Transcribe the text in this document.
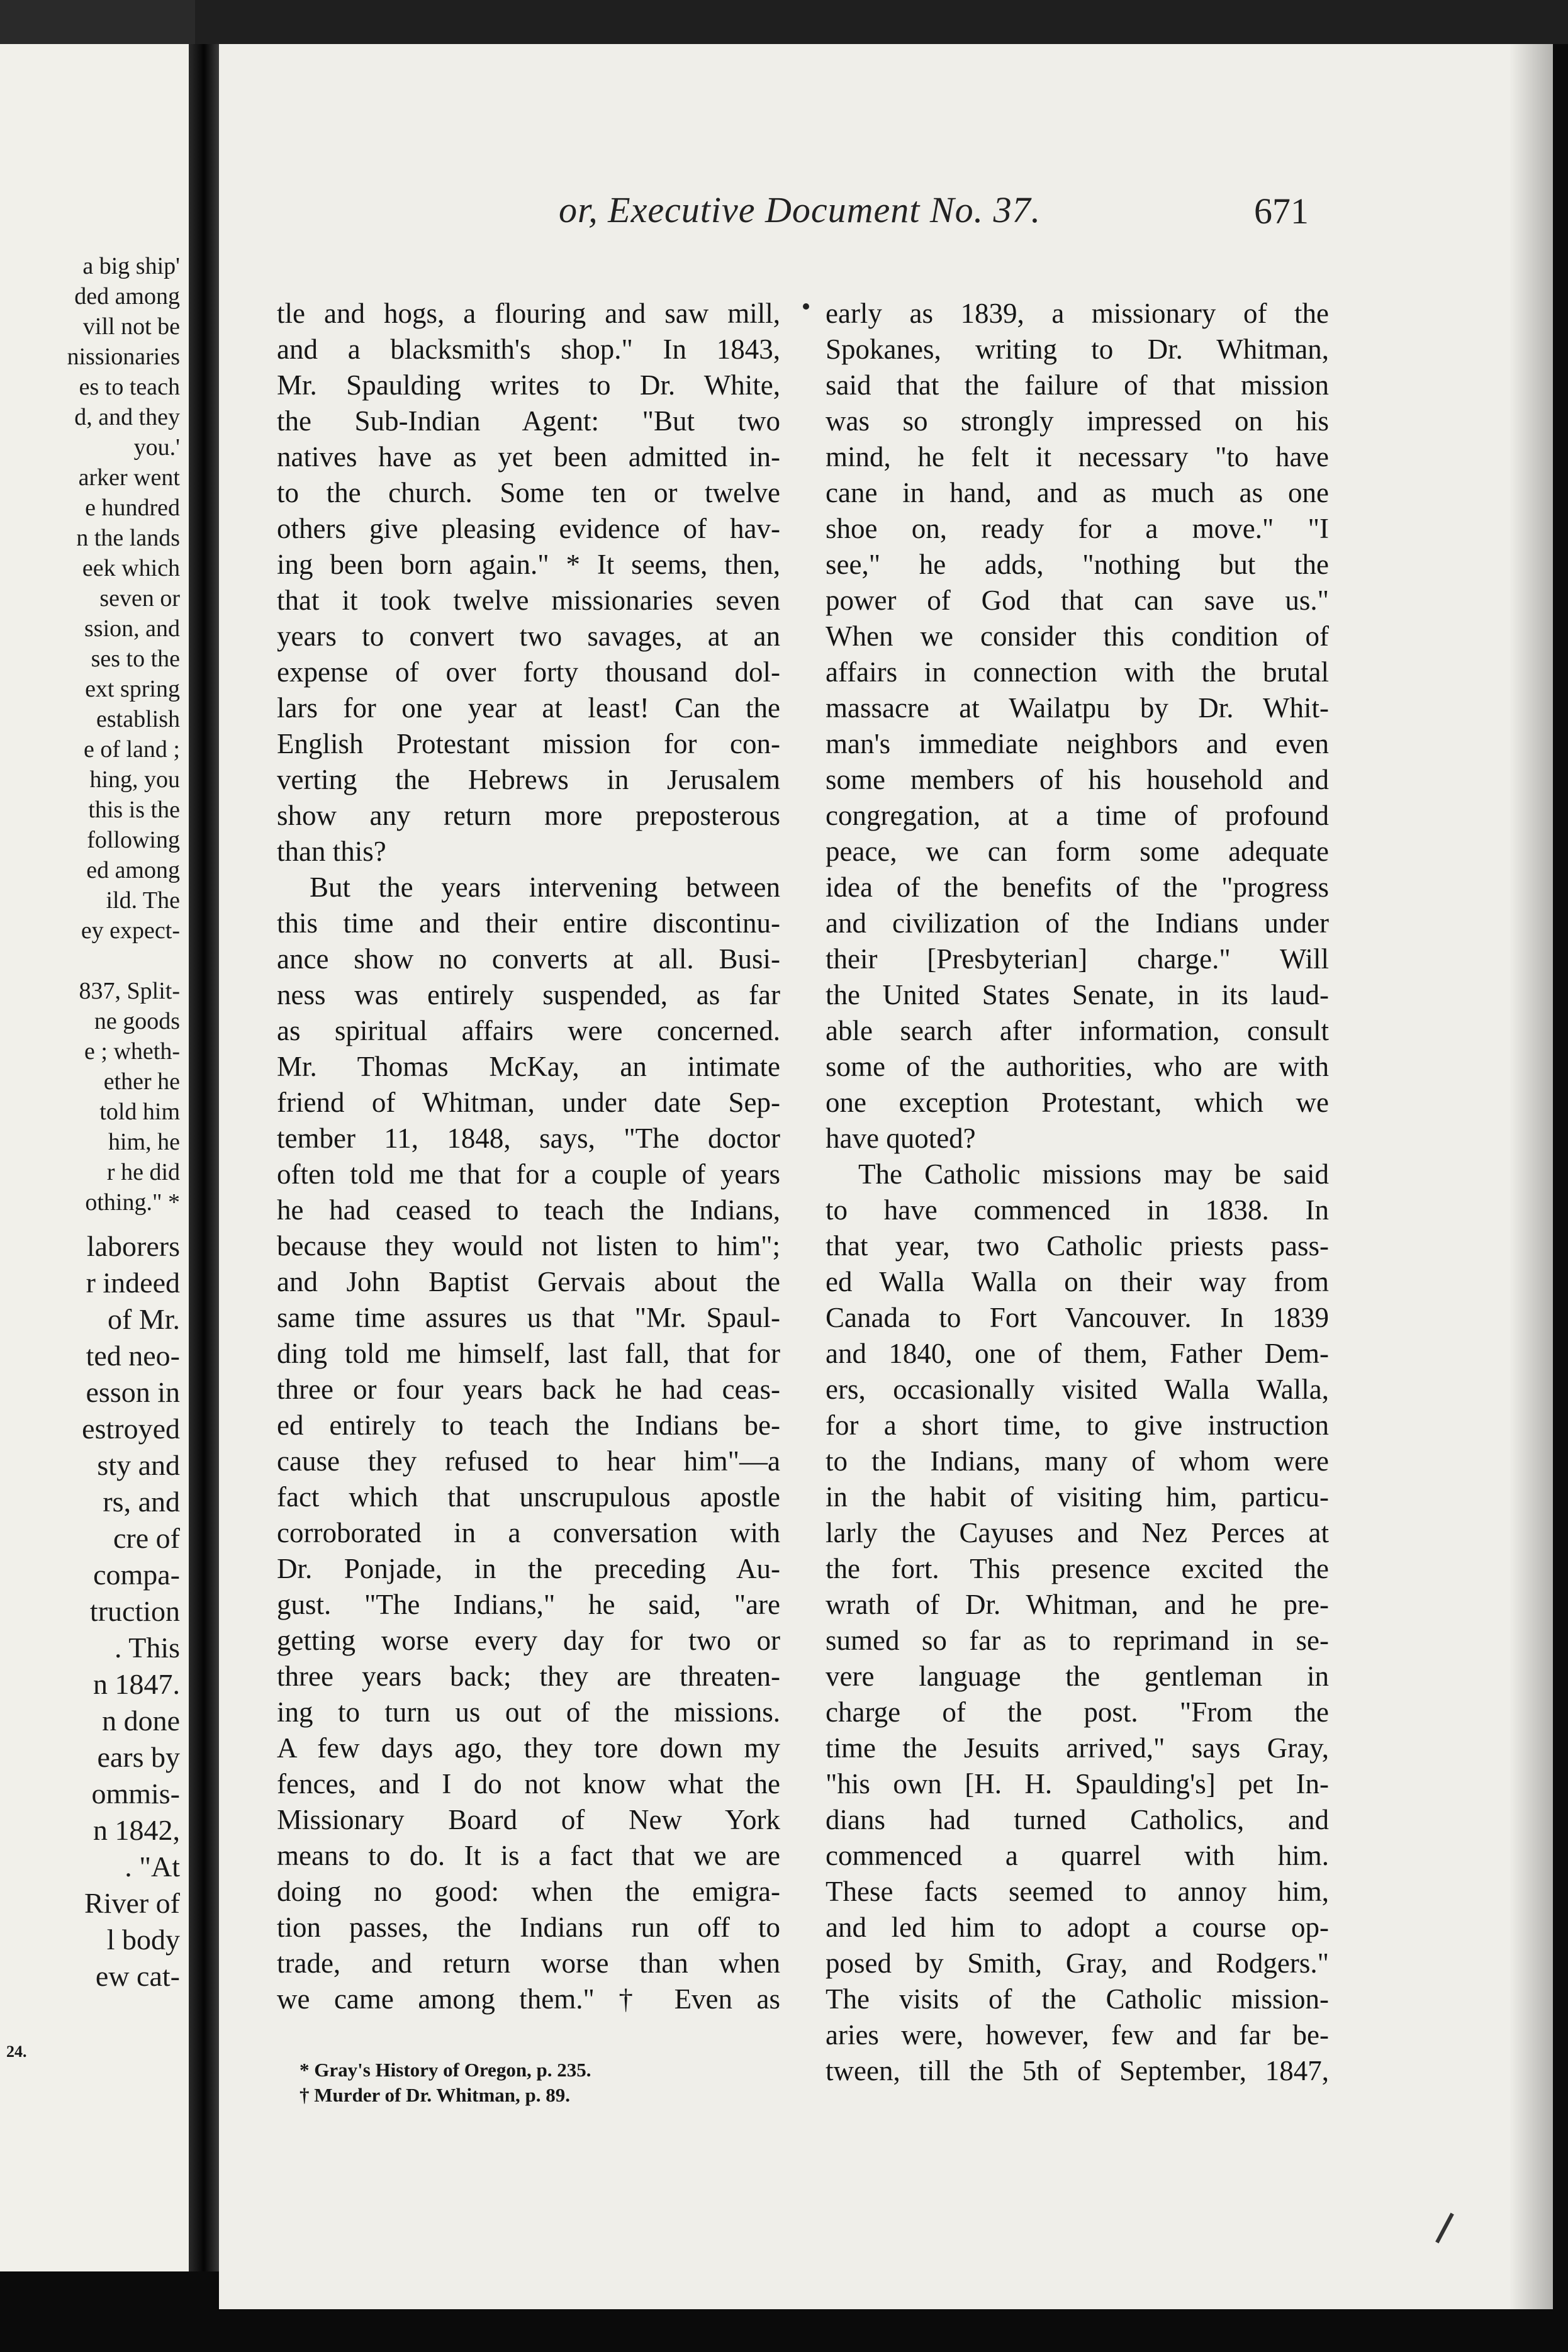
a big ship'
ded among
vill not be
nissionaries
es to teach
d, and they
you.'
arker went
e hundred
n the lands
eek which
seven or
ssion, and
ses to the
ext spring
establish
e of land ;
hing, you
this is the
following
ed among
ild. The
ey expect-
837, Split-
ne goods
e ; wheth-
ether he
told him
him, he
r he did
othing." *
laborers
r indeed
of Mr.
ted neo-
esson in
estroyed
sty and
rs, and
cre of
compa-
truction
. This
n 1847.
n done
ears by
ommis-
n 1842,
. "At
River of
l body
ew cat-
24.
or, Executive Document No. 37.	671
tle and hogs, a flouring and saw mill,
and a blacksmith's shop." In 1843,
Mr. Spaulding writes to Dr. White,
the Sub-Indian Agent: "But two
natives have as yet been admitted in-
to the church. Some ten or twelve
others give pleasing evidence of hav-
ing been born again." * It seems, then,
that it took twelve missionaries seven
years to convert two savages, at an
expense of over forty thousand dol-
lars for one year at least! Can the
English Protestant mission for con-
verting the Hebrews in Jerusalem
show any return more preposterous
than this?
But the years intervening between
this time and their entire discontinu-
ance show no converts at all. Busi-
ness was entirely suspended, as far
as spiritual affairs were concerned.
Mr. Thomas McKay, an intimate
friend of Whitman, under date Sep-
tember 11, 1848, says, "The doctor
often told me that for a couple of years
he had ceased to teach the Indians,
because they would not listen to him";
and John Baptist Gervais about the
same time assures us that "Mr. Spaul-
ding told me himself, last fall, that for
three or four years back he had ceas-
ed entirely to teach the Indians be-
cause they refused to hear him"—a
fact which that unscrupulous apostle
corroborated in a conversation with
Dr. Ponjade, in the preceding Au-
gust. "The Indians," he said, "are
getting worse every day for two or
three years back; they are threaten-
ing to turn us out of the missions.
A few days ago, they tore down my
fences, and I do not know what the
Missionary Board of New York
means to do. It is a fact that we are
doing no good: when the emigra-
tion passes, the Indians run off to
trade, and return worse than when
we came among them." † Even as
early as 1839, a missionary of the
Spokanes, writing to Dr. Whitman,
said that the failure of that mission
was so strongly impressed on his
mind, he felt it necessary "to have
cane in hand, and as much as one
shoe on, ready for a move." "I
see," he adds, "nothing but the
power of God that can save us."
When we consider this condition of
affairs in connection with the brutal
massacre at Wailatpu by Dr. Whit-
man's immediate neighbors and even
some members of his household and
congregation, at a time of profound
peace, we can form some adequate
idea of the benefits of the "progress
and civilization of the Indians under
their [Presbyterian] charge." Will
the United States Senate, in its laud-
able search after information, consult
some of the authorities, who are with
one exception Protestant, which we
have quoted?
The Catholic missions may be said
to have commenced in 1838. In
that year, two Catholic priests pass-
ed Walla Walla on their way from
Canada to Fort Vancouver. In 1839
and 1840, one of them, Father Dem-
ers, occasionally visited Walla Walla,
for a short time, to give instruction
to the Indians, many of whom were
in the habit of visiting him, particu-
larly the Cayuses and Nez Perces at
the fort. This presence excited the
wrath of Dr. Whitman, and he pre-
sumed so far as to reprimand in se-
vere language the gentleman in
charge of the post. "From the
time the Jesuits arrived," says Gray,
"his own [H. H. Spaulding's] pet In-
dians had turned Catholics, and
commenced a quarrel with him.
These facts seemed to annoy him,
and led him to adopt a course op-
posed by Smith, Gray, and Rodgers."
The visits of the Catholic mission-
aries were, however, few and far be-
tween, till the 5th of September, 1847,
* Gray's History of Oregon, p. 235.
† Murder of Dr. Whitman, p. 89.
